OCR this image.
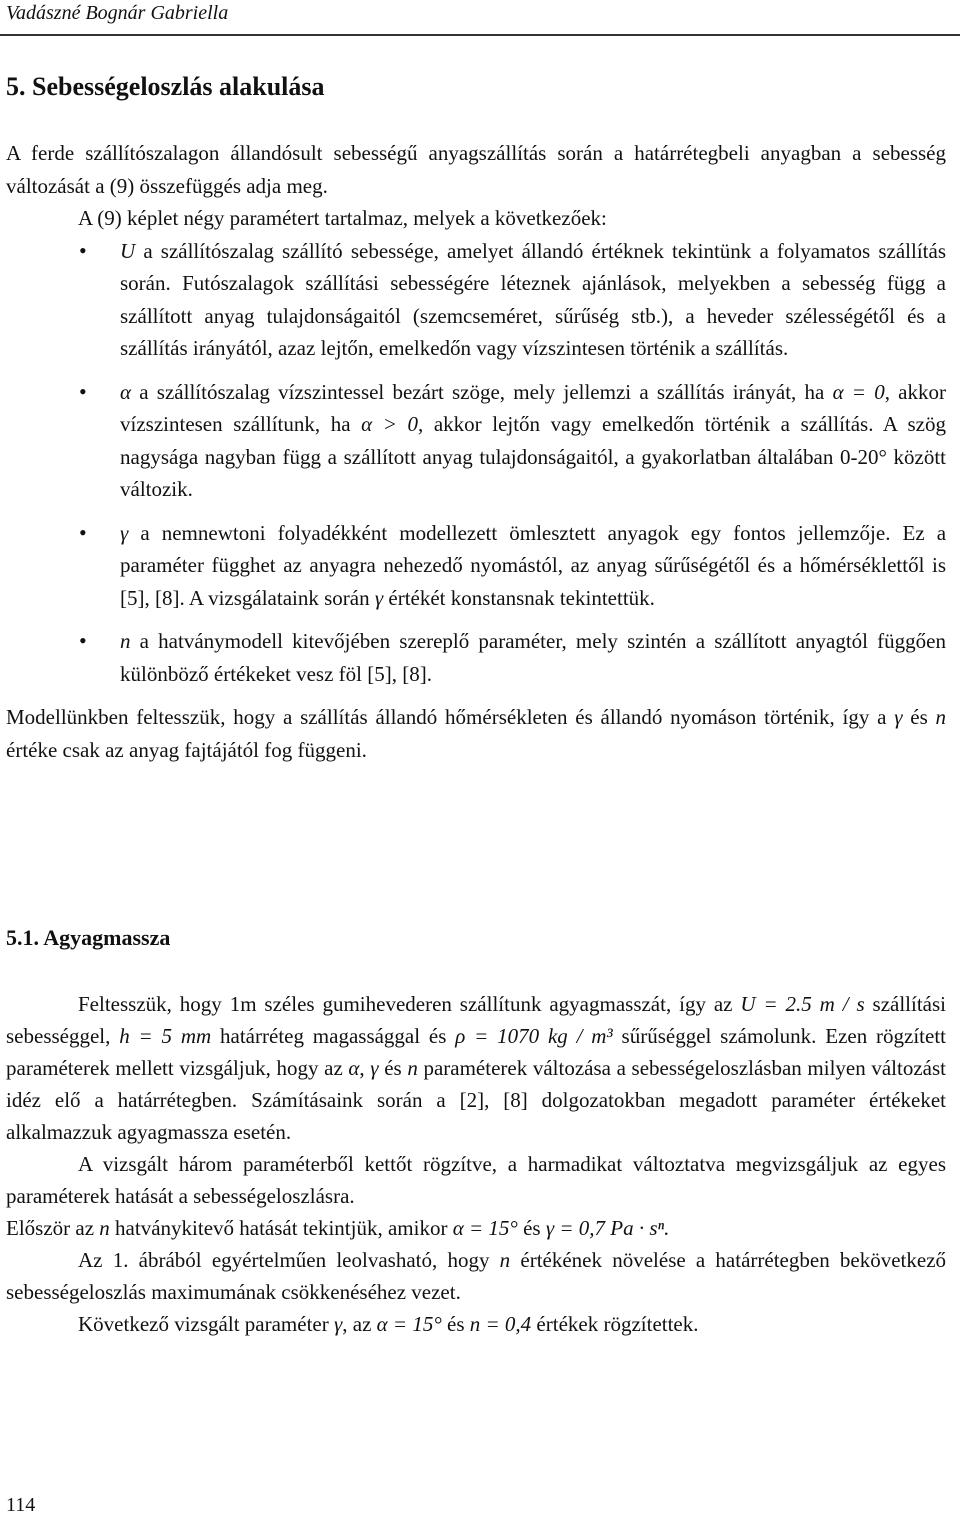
Vadászné Bognár Gabriella
5. Sebességeloszlás alakulása

A ferde szállítószalagon állandósult sebességű anyagszállítás során a határrétegbeli anyagban a sebesség változását a (9) összefüggés adja meg.

A (9) képlet négy paramétert tartalmaz, melyek a következőek:

• U a szállítószalag szállító sebessége, amelyet állandó értéknek tekintünk a folyamatos szállítás során. Futószalagok szállítási sebességére léteznek ajánlások, melyekben a sebesség függ a szállított anyag tulajdonságaitól (szemcseméret, sűrűség stb.), a heveder szélességétől és a szállítás irányától, azaz lejtőn, emelkedőn vagy vízszintesen történik a szállítás.
• α a szállítószalag vízszintessel bezárt szöge, mely jellemzi a szállítás irányát, ha α = 0, akkor vízszintesen szállítunk, ha α > 0, akkor lejtőn vagy emelkedőn történik a szállítás. A szög nagysága nagyban függ a szállított anyag tulajdonságaitól, a gyakorlatban általában 0-20° között változik.
• γ a nemnewtoni folyadékként modellezett ömlesztett anyagok egy fontos jellemzője. Ez a paraméter függhet az anyagra nehezedő nyomástól, az anyag sűrűségétől és a hőmérséklettől is [5], [8]. A vizsgálataink során γ értékét konstansnak tekintettük.
• n a hatványmodell kitevőjében szereplő paraméter, mely szintén a szállított anyagtól függően különböző értékeket vesz föl [5], [8].

Modellünkben feltesszük, hogy a szállítás állandó hőmérsékleten és állandó nyomáson történik, így a γ és n értéke csak az anyag fajtájától fog függeni.

5.1. Agyagmassza

Feltesszük, hogy 1m széles gumihevederen szállítunk agyagmasszát, így az U = 2.5 m / s szállítási sebességgel, h = 5 mm határréteg magassággal és ρ = 1070 kg / m³ sűrűséggel számolunk. Ezen rögzített paraméterek mellett vizsgáljuk, hogy az α, γ és n paraméterek változása a sebességeloszlásban milyen változást idéz elő a határrétegben. Számításaink során a [2], [8] dolgozatokban megadott paraméter értékeket alkalmazzuk agyagmassza esetén.

A vizsgált három paraméterből kettőt rögzítve, a harmadikat változtatva megvizsgáljuk az egyes paraméterek hatását a sebességeloszlásra.

Először az n hatványkitevő hatását tekintjük, amikor α = 15° és γ = 0,7 Pa · sⁿ.

Az 1. ábrából egyértelműen leolvasható, hogy n értékének növelése a határrétegben bekövetkező sebességeloszlás maximumának csökkenéséhez vezet.

Következő vizsgált paraméter γ, az α = 15° és n = 0,4 értékek rögzítettek.

114
